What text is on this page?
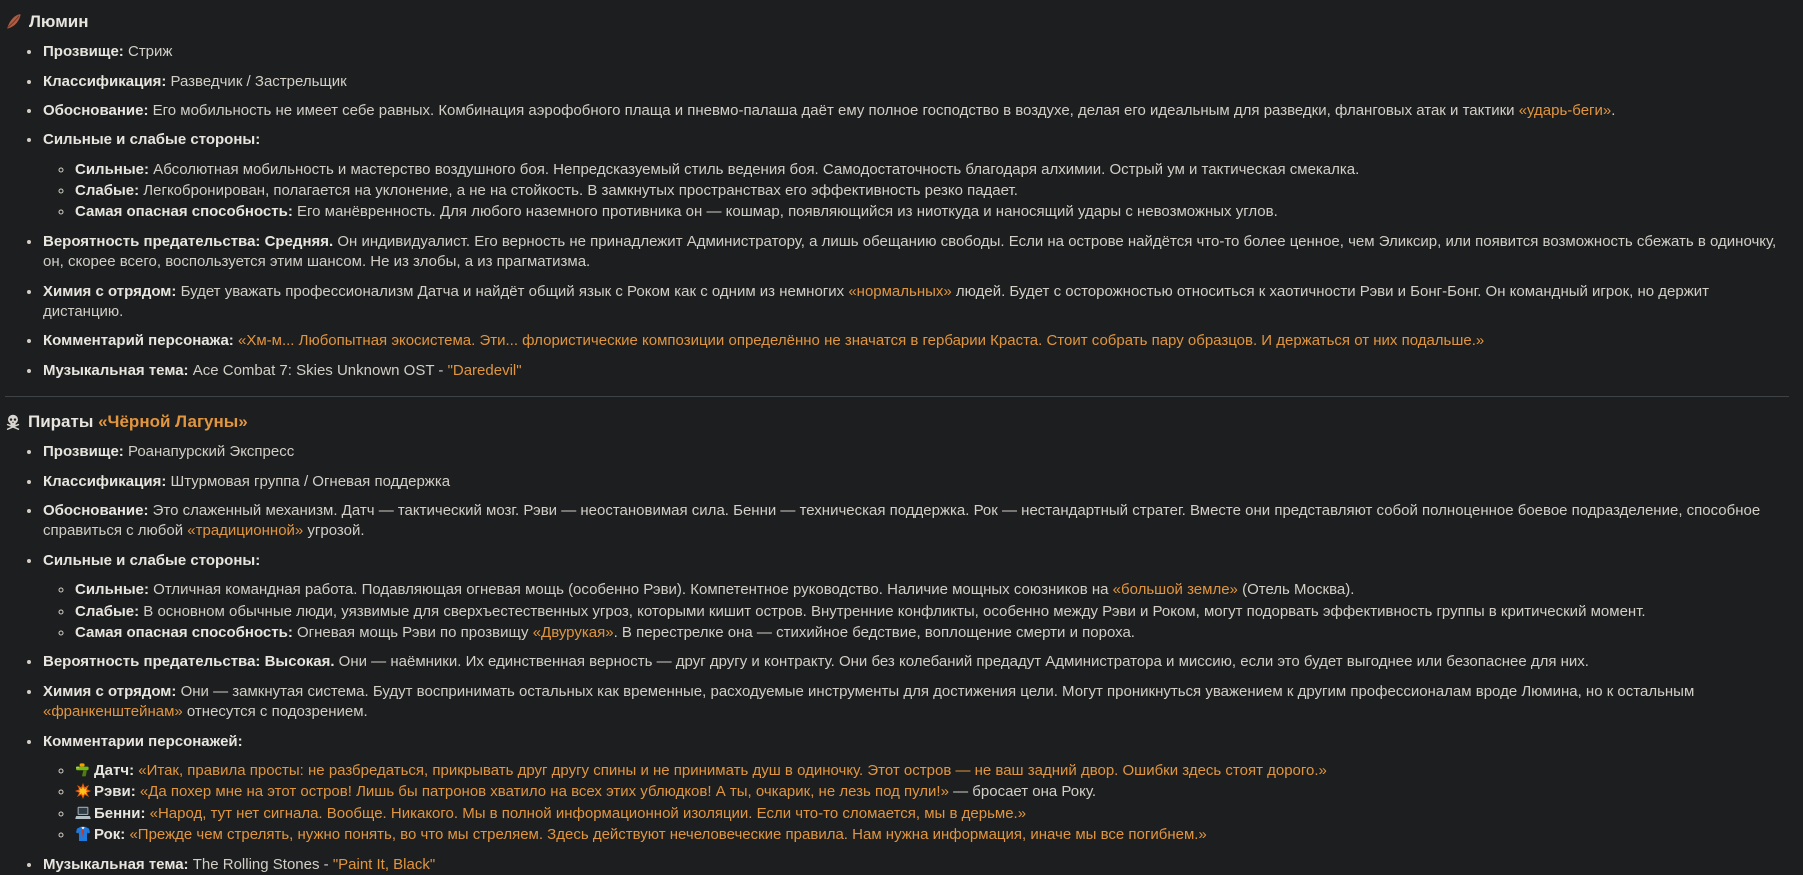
Люмин
• Прозвище: Стриж
• Классификация: Разведчик / Застрельщик
• Обоснование: Его мобильность не имеет себе равных. Комбинация аэрофобного плаща и пневмо-палаша даёт ему полное господство в воздухе, делая его идеальным для разведки, фланговых атак и тактики «ударь-беги».
• Сильные и слабые стороны:
◦ Сильные: Абсолютная мобильность и мастерство воздушного боя. Непредсказуемый стиль ведения боя. Самодостаточность благодаря алхимии. Острый ум и тактическая смекалка.
◦ Слабые: Легкобронирован, полагается на уклонение, а не на стойкость. В замкнутых пространствах его эффективность резко падает.
◦ Самая опасная способность: Его манёвренность. Для любого наземного противника он — кошмар, появляющийся из ниоткуда и наносящий удары с невозможных углов.
• Вероятность предательства: Средняя. Он индивидуалист. Его верность не принадлежит Администратору, а лишь обещанию свободы. Если на острове найдётся что-то более ценное, чем Эликсир, или появится возможность сбежать в одиночку, он, скорее всего, воспользуется этим шансом. Не из злобы, а из прагматизма.
• Химия с отрядом: Будет уважать профессионализм Датча и найдёт общий язык с Роком как с одним из немногих «нормальных» людей. Будет с осторожностью относиться к хаотичности Рэви и Бонг-Бонг. Он командный игрок, но держит дистанцию.
• Комментарий персонажа: «Хм-м... Любопытная экосистема. Эти... флористические композиции определённо не значатся в гербарии Краста. Стоит собрать пару образцов. И держаться от них подальше.»
• Музыкальная тема: Ace Combat 7: Skies Unknown OST - "Daredevil"
Пираты «Чёрной Лагуны»
• Прозвище: Роанапурский Экспресс
• Классификация: Штурмовая группа / Огневая поддержка
• Обоснование: Это слаженный механизм. Датч — тактический мозг. Рэви — неостановимая сила. Бенни — техническая поддержка. Рок — нестандартный стратег. Вместе они представляют собой полноценное боевое подразделение, способное справиться с любой «традиционной» угрозой.
• Сильные и слабые стороны:
◦ Сильные: Отличная командная работа. Подавляющая огневая мощь (особенно Рэви). Компетентное руководство. Наличие мощных союзников на «большой земле» (Отель Москва).
◦ Слабые: В основном обычные люди, уязвимые для сверхъестественных угроз, которыми кишит остров. Внутренние конфликты, особенно между Рэви и Роком, могут подорвать эффективность группы в критический момент.
◦ Самая опасная способность: Огневая мощь Рэви по прозвищу «Двурукая». В перестрелке она — стихийное бедствие, воплощение смерти и пороха.
• Вероятность предательства: Высокая. Они — наёмники. Их единственная верность — друг другу и контракту. Они без колебаний предадут Администратора и миссию, если это будет выгоднее или безопаснее для них.
• Химия с отрядом: Они — замкнутая система. Будут воспринимать остальных как временные, расходуемые инструменты для достижения цели. Могут проникнуться уважением к другим профессионалам вроде Люмина, но к остальным «франкенштейнам» отнесутся с подозрением.
• Комментарии персонажей:
◦ Датч: «Итак, правила просты: не разбредаться, прикрывать друг другу спины и не принимать душ в одиночку. Этот остров — не ваш задний двор. Ошибки здесь стоят дорого.»
◦ Рэви: «Да похер мне на этот остров! Лишь бы патронов хватило на всех этих ублюдков! А ты, очкарик, не лезь под пули!» — бросает она Року.
◦ Бенни: «Народ, тут нет сигнала. Вообще. Никакого. Мы в полной информационной изоляции. Если что-то сломается, мы в дерьме.»
◦ Рок: «Прежде чем стрелять, нужно понять, во что мы стреляем. Здесь действуют нечеловеческие правила. Нам нужна информация, иначе мы все погибнем.»
• Музыкальная тема: The Rolling Stones - "Paint It, Black"
